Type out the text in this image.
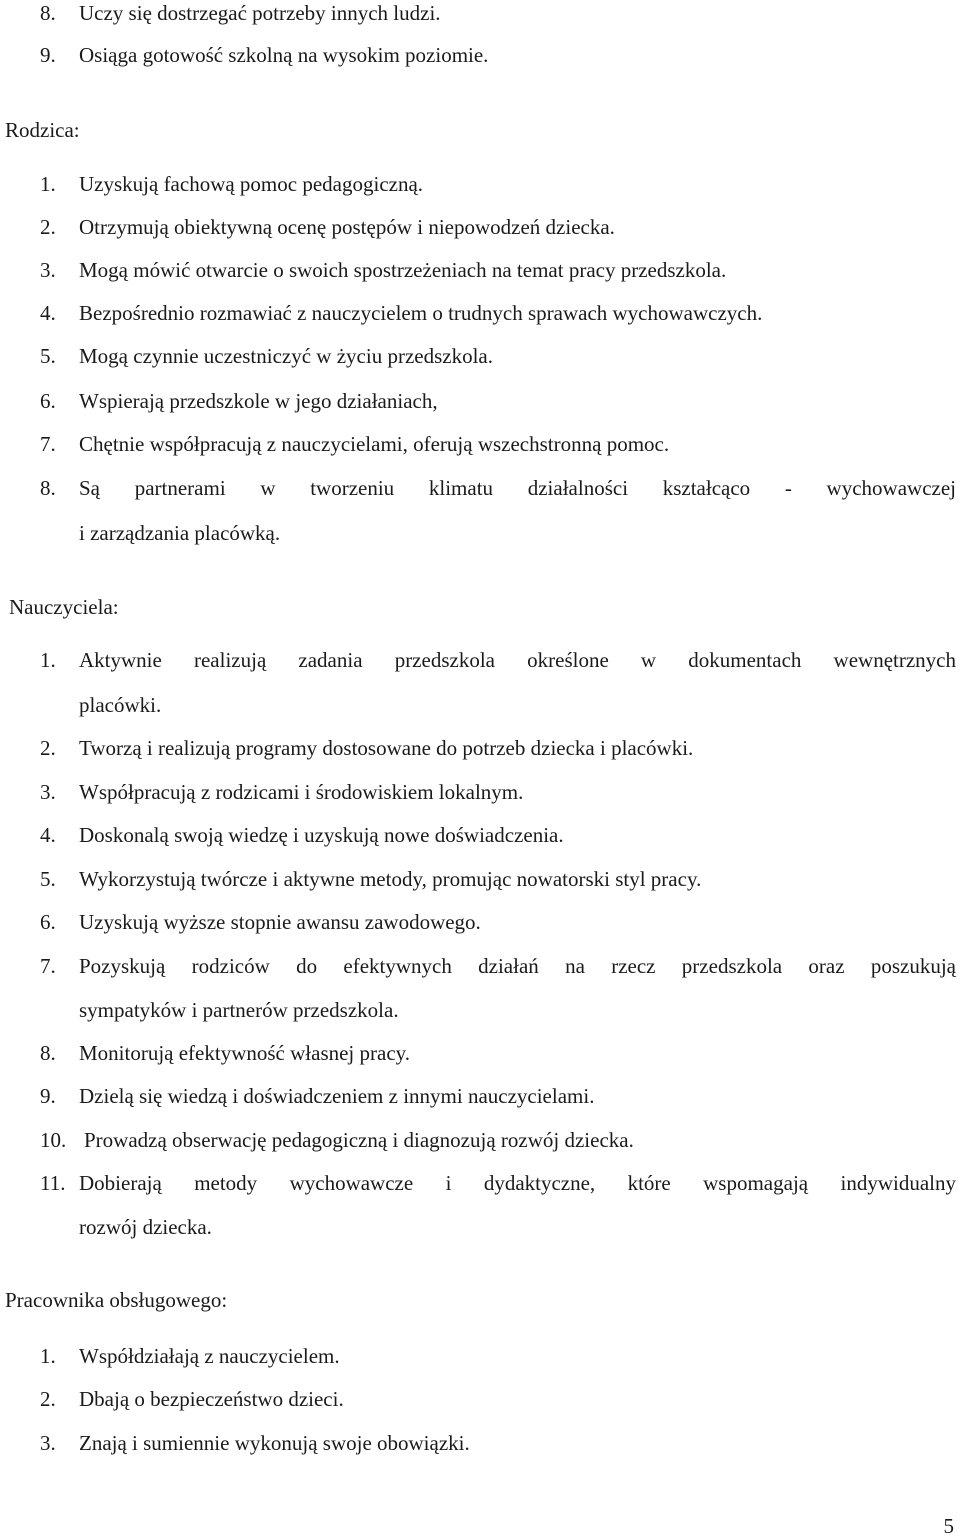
8. Uczy się dostrzegać potrzeby innych ludzi.
9. Osiąga gotowość szkolną na wysokim poziomie.
Rodzica:
1. Uzyskują fachową pomoc pedagogiczną.
2. Otrzymują obiektywną ocenę postępów i niepowodzeń dziecka.
3. Mogą mówić otwarcie o swoich spostrzeżeniach na temat pracy przedszkola.
4. Bezpośrednio rozmawiać z nauczycielem o trudnych sprawach wychowawczych.
5. Mogą czynnie uczestniczyć w życiu przedszkola.
6. Wspierają przedszkole w jego działaniach,
7. Chętnie współpracują z nauczycielami, oferują wszechstronną pomoc.
8. Są partnerami w tworzeniu klimatu działalności kształcąco - wychowawczej
i zarządzania placówką.
Nauczyciela:
1. Aktywnie realizują zadania przedszkola określone w dokumentach wewnętrznych
placówki.
2. Tworzą i realizują programy dostosowane do potrzeb dziecka i placówki.
3. Współpracują z rodzicami i środowiskiem lokalnym.
4. Doskonalą swoją wiedzę i uzyskują nowe doświadczenia.
5. Wykorzystują twórcze i aktywne metody, promując nowatorski styl pracy.
6. Uzyskują wyższe stopnie awansu zawodowego.
7. Pozyskują rodziców do efektywnych działań na rzecz przedszkola oraz poszukują
sympatyków i partnerów przedszkola.
8. Monitorują efektywność własnej pracy.
9. Dzielą się wiedzą i doświadczeniem z innymi nauczycielami.
10. Prowadzą obserwację pedagogiczną i diagnozują rozwój dziecka.
11. Dobierają metody wychowawcze i dydaktyczne, które wspomagają indywidualny
rozwój dziecka.
Pracownika obsługowego:
1. Współdziałają z nauczycielem.
2. Dbają o bezpieczeństwo dzieci.
3. Znają i sumiennie wykonują swoje obowiązki.
5
